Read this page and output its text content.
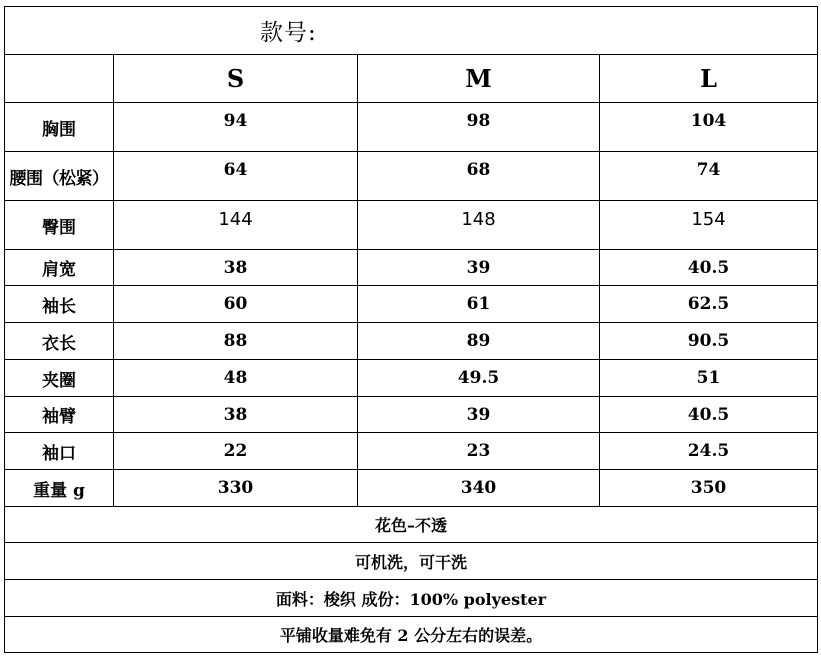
款号:			
	S	M	L
胸围	94	98	104
腰围（松紧）	64	68	74
臀围	144	148	154
肩宽	38	39	40.5
袖长	60	61	62.5
衣长	88	89	90.5
夹圈	48	49.5	51
袖臂	38	39	40.5
袖口	22	23	24.5
重量 g	330	340	350
花色–不透			
可机洗，可干洗			
面料：梭织 成份：100% polyester			
平铺收量难免有 2 公分左右的误差。			
